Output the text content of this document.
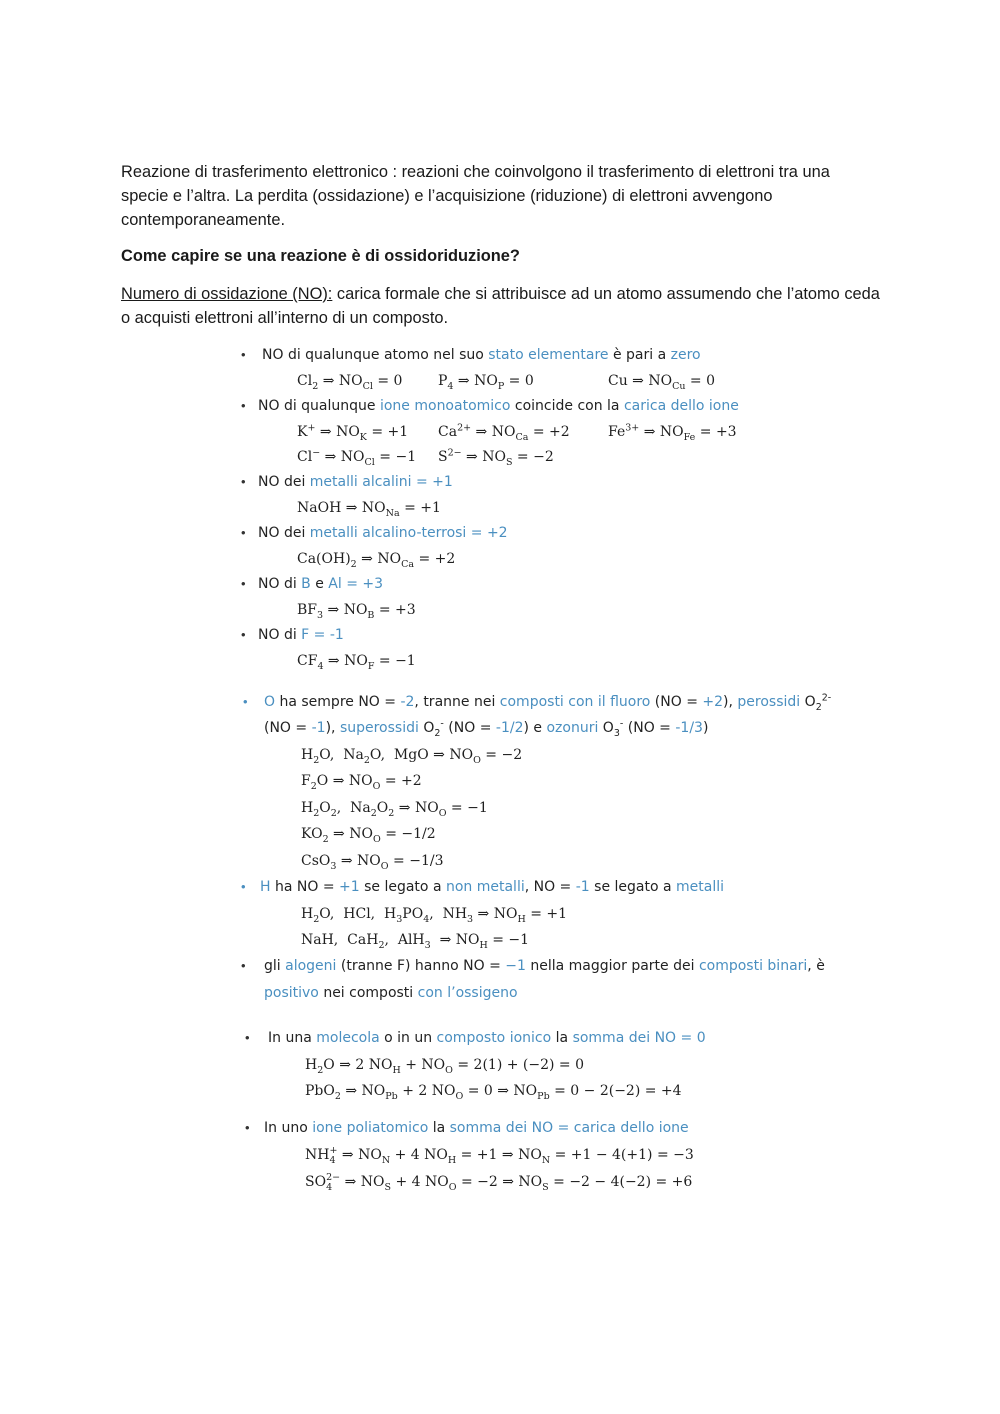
Reazione di trasferimento elettronico : reazioni che coinvolgono il trasferimento di elettroni tra una specie e l’altra. La perdita (ossidazione) e l’acquisizione (riduzione) di elettroni avvengono contemporaneamente.

Come capire se una reazione è di ossidoriduzione?

Numero di ossidazione (NO): carica formale che si attribuisce ad un atomo assumendo che l’atomo ceda o acquisti elettroni all’interno di un composto.

• NO di qualunque atomo nel suo stato elementare è pari a zero
$Cl_2$ ⇒ $NO_{Cl} = 0$	$P_4$ ⇒ $NO_P = 0$	Cu ⇒ $NO_{Cu} = 0$
• NO di qualunque ione monoatomico coincide con la carica dello ione
K+ ⇒ $NO_K = +1$ $Ca^{2+}$ ⇒ $NO_{Ca} = +2$	$Fe^{3+}$ ⇒ $NO_{Fe} = +3$
Cl− ⇒ $NO_{Cl} = -1$ $S^{2-}$ ⇒ $NO_S = -2$
• NO dei metalli alcalini = +1
NaOH ⇒ $NO_{Na} = +1$
• NO dei metalli alcalino-terrosi = +2
$Ca(OH)_2$ ⇒ $NO_{Ca} = +2$
• NO di B e Al = +3
$BF_3$ ⇒ $NO_B = +3$
• NO di F = -1
$CF_4$ ⇒ $NO_F = -1$
• O ha sempre NO = -2, tranne nei composti con il fluoro (NO = +2), perossidi $O_2^{2-}$
(NO = -1), superossidi $O_2^-$ (NO = -1/2) e ozonuri $O_3^-$ (NO = -1/3)
$H_2O$,  $Na_2O$,  MgO ⇒ $NO_O = -2$
$F_2O$ ⇒ $NO_O = +2$
$H_2O_2$,  $Na_2O_2$ ⇒ $NO_O = -1$
$KO_2$ ⇒ $NO_O = -1/2$
CsO$_3$ ⇒ $NO_O = -1/3$
• H ha NO = +1 se legato a non metalli, NO = -1 se legato a metalli
$H_2O$,  HCl,  $H_3PO_4$,  $NH_3$ ⇒ $NO_H = +1$
NaH,  CaH$_2$,  AlH$_3$  ⇒ $NO_H = -1$
• gli alogeni (tranne F) hanno NO = −1 nella maggior parte dei composti binari, è
positivo nei composti con l’ossigeno
• In una molecola o in un composto ionico la somma dei NO = 0
$H_2O$ ⇒ 2 $NO_H + NO_O = 2(1) + (-2) = 0$
PbO$_2$ ⇒ $NO_{Pb} + 2$ $NO_O = 0$ ⇒ $NO_{Pb} = 0 - 2(-2) = +4$
• In uno ione poliatomico la somma dei NO = carica dello ione
$NH_4^+$ ⇒ $NO_N + 4$ $NO_H = +1$ ⇒ $NO_N = +1 - 4(+1) = -3$
$SO_4^{2-}$ ⇒ $NO_S + 4$ $NO_O = -2$ ⇒ $NO_S = -2 - 4(-2) = +6$
